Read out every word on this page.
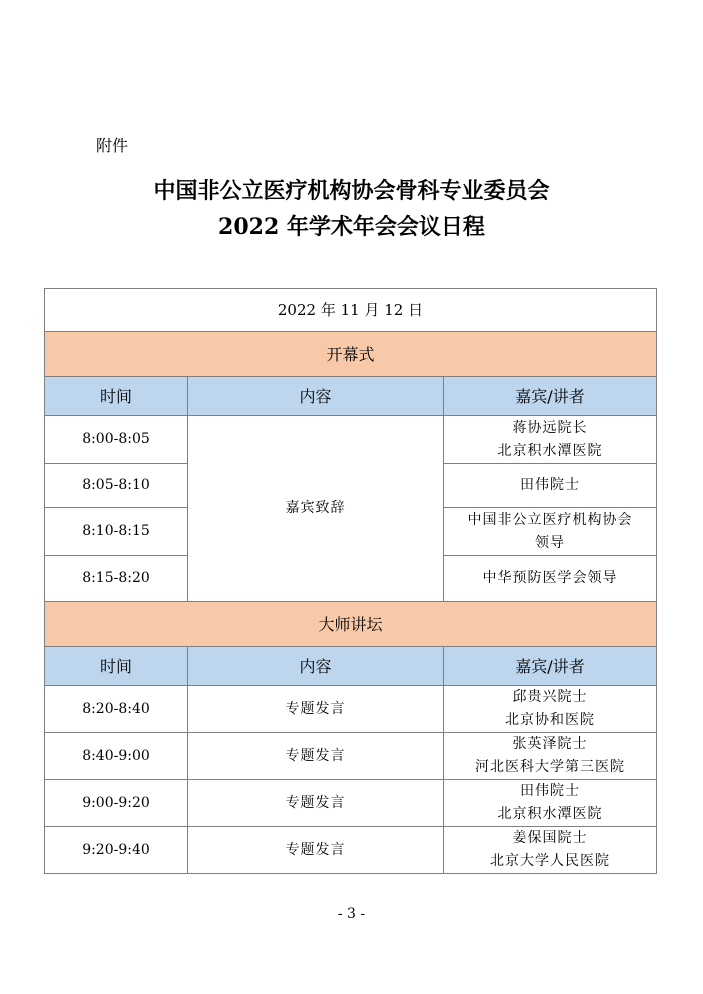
附件
中国非公立医疗机构协会骨科专业委员会
2022 年学术年会会议日程
2022 年 11 月 12 日		
开幕式		
时间	内容	嘉宾/讲者
8:00-8:05	嘉宾致辞	蒋协远院长
北京积水潭医院

8:05-8:10		田伟院士

8:10-8:15		中国非公立医疗机构协会
领导

8:15-8:20		中华预防医学会领导

大师讲坛		
时间	内容	嘉宾/讲者
8:20-8:40	专题发言	邱贵兴院士
北京协和医院

8:40-9:00	专题发言	张英泽院士
河北医科大学第三医院

9:00-9:20	专题发言	田伟院士
北京积水潭医院

9:20-9:40	专题发言	姜保国院士
北京大学人民医院
- 3 -
